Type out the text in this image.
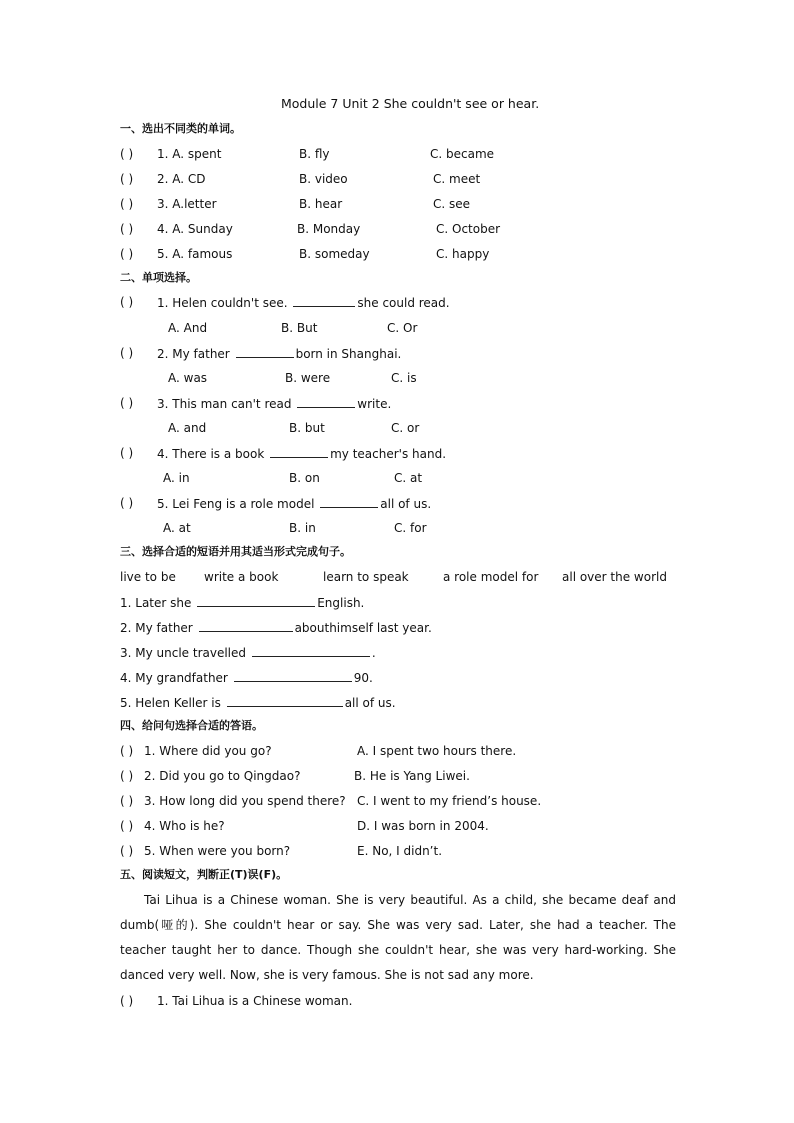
Module 7 Unit 2 She couldn't see or hear.
一、选出不同类的单词。
( ) 1. A. spent	B. fly	C. became
( ) 2. A. CD	B. video	C. meet
( ) 3. A.letter	B. hear	C. see
( ) 4. A. Sunday	B. Monday	C. October
( ) 5. A. famous	B. someday	C. happy
二、单项选择。
( ) 1. Helen couldn't see.	she could read.
A. And	B. But	C. Or
( ) 2. My father	born in Shanghai.
A. was	B. were	C. is
( ) 3. This man can't read	write.
A. and	B. but	C. or
( ) 4. There is a book	my teacher's hand.
A. in	B. on	C. at
( ) 5. Lei Feng is a role model	all of us.
A. at	B. in	C. for
三、选择合适的短语并用其适当形式完成句子。
live to be write a book	learn to speak	a role model for all over the world
1. Later she	English.
2. My father	abouthimself last year.
3. My uncle travelled	.
4. My grandfather	90.
5. Helen Keller is	all of us.
四、给问句选择合适的答语。
( ) 1. Where did you go?	A. I spent two hours there.
( ) 2. Did you go to Qingdao?	B. He is Yang Liwei.
( ) 3. How long did you spend there? C. I went to my friend’s house.
( ) 4. Who is he?	D. I was born in 2004.
( ) 5. When were you born?	E. No, I didn’t.
五、阅读短文，判断正(T)误(F)。

Tai Lihua is a Chinese woman. She is very beautiful. As a child, she became deaf and dumb(哑的). She couldn't hear or say. She was very sad. Later, she had a teacher. The teacher taught her to dance. Though she couldn't hear, she was very hard-working. She danced very well. Now, she is very famous. She is not sad any more.

( ) 1. Tai Lihua is a Chinese woman.
